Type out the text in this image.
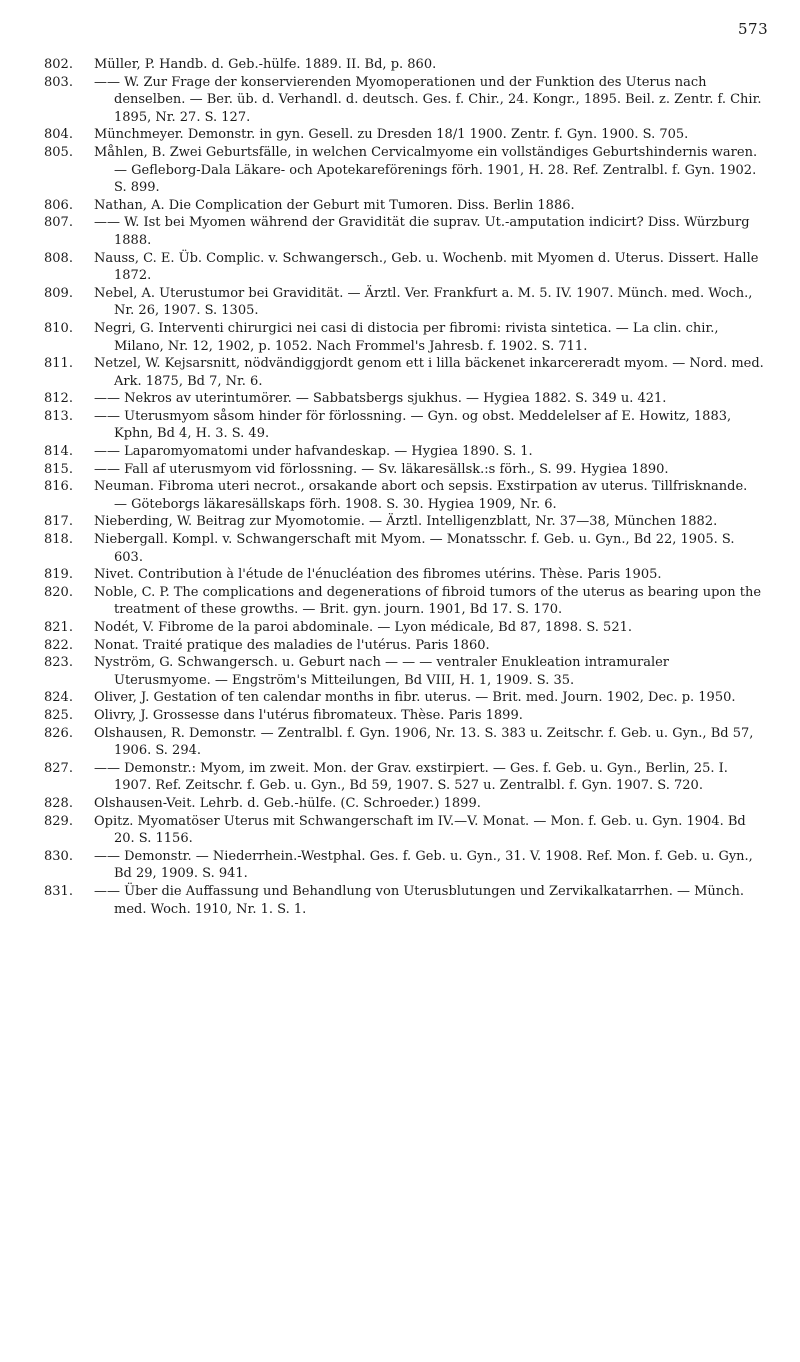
573
802.	Müller, P. Handb. d. Geb.-hülfe. 1889. II. Bd, p. 860.
803.	—— W. Zur Frage der konservierenden Myomoperationen und der Funktion des Uterus nach denselben. — Ber. üb. d. Verhandl. d. deutsch. Ges. f. Chir., 24. Kongr., 1895. Beil. z. Zentr. f. Chir. 1895, Nr. 27. S. 127.
804.	Münchmeyer. Demonstr. in gyn. Gesell. zu Dresden 18/1 1900. Zentr. f. Gyn. 1900. S. 705.
805.	Måhlen, B. Zwei Geburtsfälle, in welchen Cervicalmyome ein vollständiges Geburtshindernis waren. — Gefleborg-Dala Läkare- och Apotekareförenings förh. 1901, H. 28. Ref. Zentralbl. f. Gyn. 1902. S. 899.
806.	Nathan, A. Die Complication der Geburt mit Tumoren. Diss. Berlin 1886.
807.	—— W. Ist bei Myomen während der Gravidität die suprav. Ut.-amputation indicirt? Diss. Würzburg 1888.
808.	Nauss, C. E. Üb. Complic. v. Schwangersch., Geb. u. Wochenb. mit Myomen d. Uterus. Dissert. Halle 1872.
809.	Nebel, A. Uterustumor bei Gravidität. — Ärztl. Ver. Frankfurt a. M. 5. IV. 1907. Münch. med. Woch., Nr. 26, 1907. S. 1305.
810.	Negri, G. Interventi chirurgici nei casi di distocia per fibromi: rivista sintetica. — La clin. chir., Milano, Nr. 12, 1902, p. 1052. Nach Frommel's Jahresb. f. 1902. S. 711.
811.	Netzel, W. Kejsarsnitt, nödvändiggjordt genom ett i lilla bäckenet inkarcereradt myom. — Nord. med. Ark. 1875, Bd 7, Nr. 6.
812.	—— Nekros av uterintumörer. — Sabbatsbergs sjukhus. — Hygiea 1882. S. 349 u. 421.
813.	—— Uterusmyom såsom hinder för förlossning. — Gyn. og obst. Meddelelser af E. Howitz, 1883, Kphn, Bd 4, H. 3. S. 49.
814.	—— Laparomyomatomi under hafvandeskap. — Hygiea 1890. S. 1.
815.	—— Fall af uterusmyom vid förlossning. — Sv. läkaresällsk.:s förh., S. 99. Hygiea 1890.
816.	Neuman. Fibroma uteri necrot., orsakande abort och sepsis. Exstirpation av uterus. Tillfrisknande. — Göteborgs läkaresällskaps förh. 1908. S. 30. Hygiea 1909, Nr. 6.
817.	Nieberding, W. Beitrag zur Myomotomie. — Ärztl. Intelligenzblatt, Nr. 37—38, München 1882.
818.	Niebergall. Kompl. v. Schwangerschaft mit Myom. — Monatsschr. f. Geb. u. Gyn., Bd 22, 1905. S. 603.
819.	Nivet. Contribution à l'étude de l'énucléation des fibromes utérins. Thèse. Paris 1905.
820.	Noble, C. P. The complications and degenerations of fibroid tumors of the uterus as bearing upon the treatment of these growths. — Brit. gyn. journ. 1901, Bd 17. S. 170.
821.	Nodét, V. Fibrome de la paroi abdominale. — Lyon médicale, Bd 87, 1898. S. 521.
822.	Nonat. Traité pratique des maladies de l'utérus. Paris 1860.
823.	Nyström, G. Schwangersch. u. Geburt nach — — — ventraler Enukleation intramuraler Uterusmyome. — Engström's Mitteilungen, Bd VIII, H. 1, 1909. S. 35.
824.	Oliver, J. Gestation of ten calendar months in fibr. uterus. — Brit. med. Journ. 1902, Dec. p. 1950.
825.	Olivry, J. Grossesse dans l'utérus fibromateux. Thèse. Paris 1899.
826.	Olshausen, R. Demonstr. — Zentralbl. f. Gyn. 1906, Nr. 13. S. 383 u. Zeitschr. f. Geb. u. Gyn., Bd 57, 1906. S. 294.
827.	—— Demonstr.: Myom, im zweit. Mon. der Grav. exstirpiert. — Ges. f. Geb. u. Gyn., Berlin, 25. I. 1907. Ref. Zeitschr. f. Geb. u. Gyn., Bd 59, 1907. S. 527 u. Zentralbl. f. Gyn. 1907. S. 720.
828.	Olshausen-Veit. Lehrb. d. Geb.-hülfe. (C. Schroeder.) 1899.
829.	Opitz. Myomatöser Uterus mit Schwangerschaft im IV.—V. Monat. — Mon. f. Geb. u. Gyn. 1904. Bd 20. S. 1156.
830.	—— Demonstr. — Niederrhein.-Westphal. Ges. f. Geb. u. Gyn., 31. V. 1908. Ref. Mon. f. Geb. u. Gyn., Bd 29, 1909. S. 941.
831.	—— Über die Auffassung und Behandlung von Uterusblutungen und Zervikalkatarrhen. — Münch. med. Woch. 1910, Nr. 1. S. 1.
